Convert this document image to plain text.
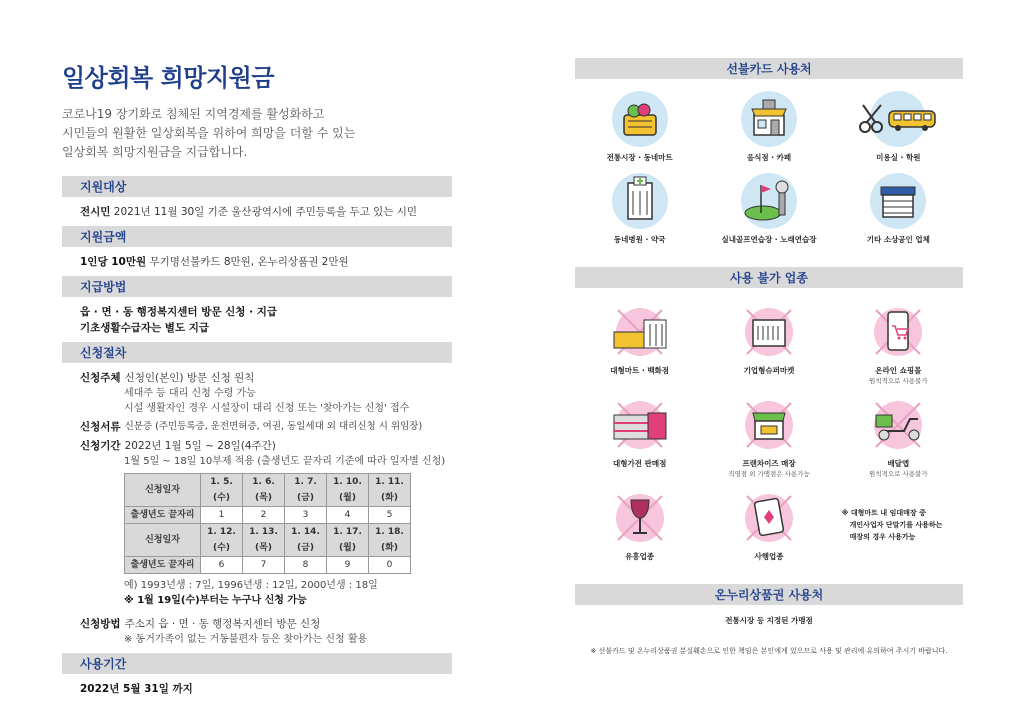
일상회복 희망지원금
코로나19 장기화로 침체된 지역경제를 활성화하고
시민들의 원활한 일상회복을 위하여 희망을 더할 수 있는
일상회복 희망지원금을 지급합니다.
지원대상
전시민 2021년 11월 30일 기준 울산광역시에 주민등록을 두고 있는 시민
지원금액
1인당 10만원 무기명선불카드 8만원, 온누리상품권 2만원
지급방법
읍 · 면 · 동 행정복지센터 방문 신청 · 지급
기초생활수급자는 별도 지급
신청절차
신청주체 신청인(본인) 방문 신청 원칙
세대주 등 대리 신청 수령 가능
시설 생활자인 경우 시설장이 대리 신청 또는 '찾아가는 신청' 접수
신청서류 신분증 (주민등록증, 운전면허증, 여권, 동일세대 외 대리신청 시 위임장)
신청기간 2022년 1월 5일 ~ 28일(4주간)
1월 5일 ~ 18일 10부제 적용 (출생년도 끝자리 기준에 따라 일자별 신청)
신청일자	1. 5.(수)	1. 6.(목)	1. 7.(금)	1. 10.(월)	1. 11.(화)
출생년도 끝자리	1	2	3	4	5
신청일자	1. 12.(수)	1. 13.(목)	1. 14.(금)	1. 17.(월)	1. 18.(화)
출생년도 끝자리	6	7	8	9	0
예) 1993년생 : 7일, 1996년생 : 12일, 2000년생 : 18일
※ 1월 19일(수)부터는 누구나 신청 가능
신청방법 주소지 읍 · 면 · 동 행정복지센터 방문 신청
※ 동거가족이 없는 거동불편자 등은 찾아가는 신청 활용
사용기간
2022년 5월 31일 까지
선불카드 사용처
전통시장 · 동네마트	음식점 · 카페	미용실 · 학원
동네병원 · 약국	실내골프연습장 · 노래연습장	기타 소상공인 업체
사용 불가 업종
대형마트 · 백화점	기업형슈퍼마켓	온라인 쇼핑몰
원칙적으로 사용불가
대형가전 판매점	프랜차이즈 매장
직영점 외 가맹점은 사용가능
배달앱
원칙적으로 사용불가
유흥업종	사행업종
※ 대형마트 내 임대매장 중
개인사업자 단말기를 사용하는
매장의 경우 사용가능
온누리상품권 사용처
전통시장 등 지정된 가맹점
※ 선불카드 및 온누리상품권 분실훼손으로 인한 책임은 본인에게 있으므로 사용 및 관리에 유의하여 주시기 바랍니다.
